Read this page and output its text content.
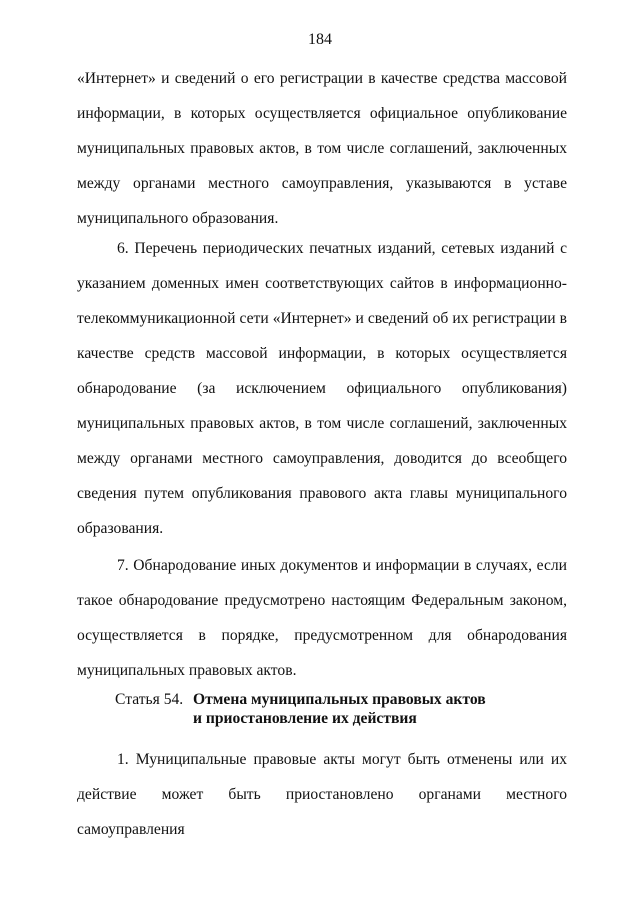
184

«Интернет» и сведений о его регистрации в качестве средства массовой информации, в которых осуществляется официальное опубликование муниципальных правовых актов, в том числе соглашений, заключенных между органами местного самоуправления, указываются в уставе муниципального образования.

6. Перечень периодических печатных изданий, сетевых изданий с указанием доменных имен соответствующих сайтов в информационно-телекоммуникационной сети «Интернет» и сведений об их регистрации в качестве средств массовой информации, в которых осуществляется обнародование (за исключением официального опубликования) муниципальных правовых актов, в том числе соглашений, заключенных между органами местного самоуправления, доводится до всеобщего сведения путем опубликования правового акта главы муниципального образования.

7. Обнародование иных документов и информации в случаях, если такое обнародование предусмотрено настоящим Федеральным законом, осуществляется в порядке, предусмотренном для обнародования муниципальных правовых актов.

Статья 54. Отмена муниципальных правовых актов
и приостановление их действия

1. Муниципальные правовые акты могут быть отменены или их действие может быть приостановлено органами местного самоуправления
